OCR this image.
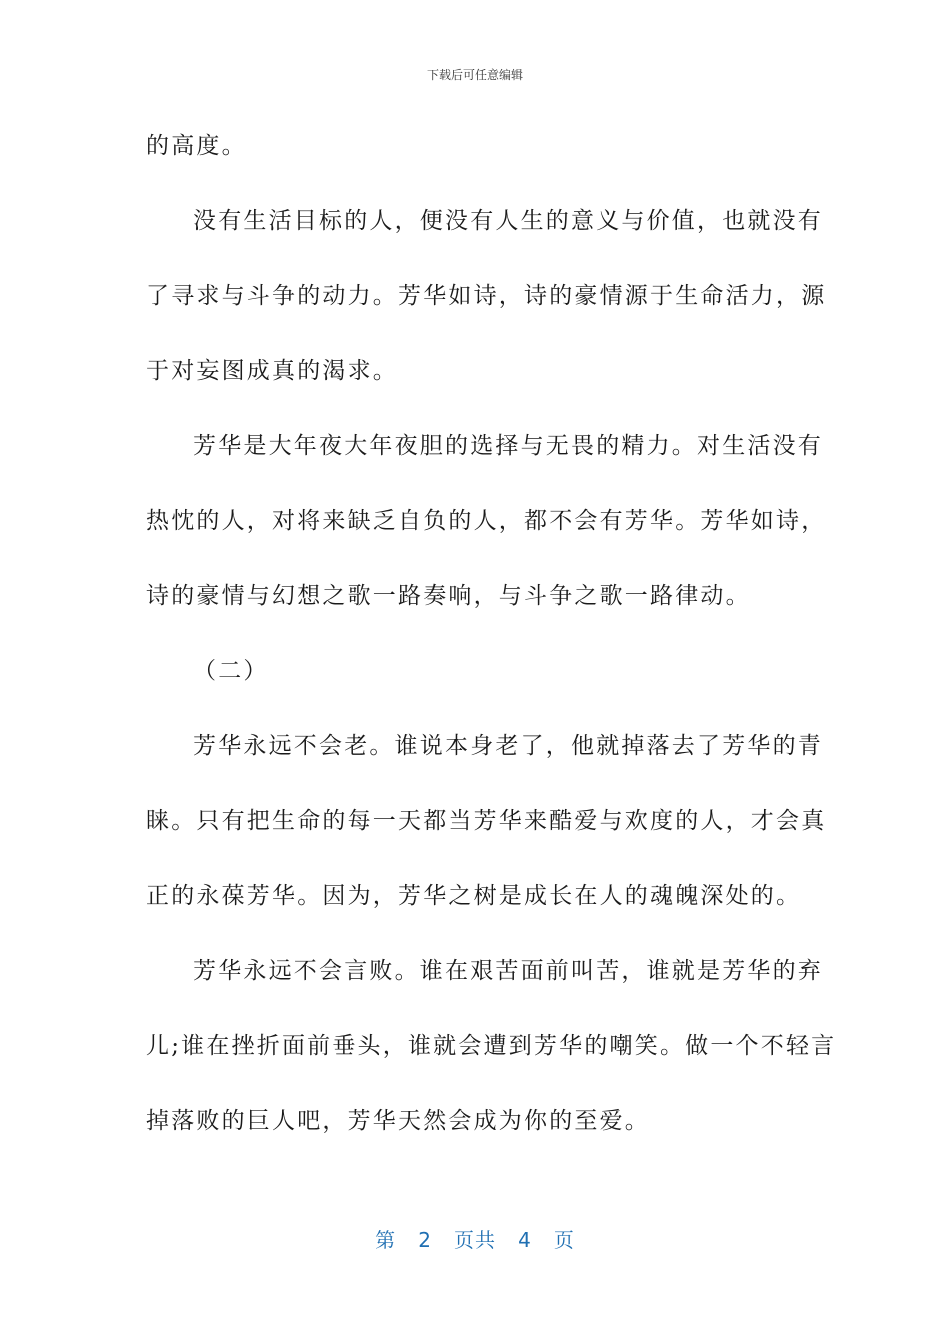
下载后可任意编辑
的高度。
没有生活目标的人，便没有人生的意义与价值，也就没有
了寻求与斗争的动力。芳华如诗，诗的豪情源于生命活力，源
于对妄图成真的渴求。
芳华是大年夜大年夜胆的选择与无畏的精力。对生活没有
热忱的人，对将来缺乏自负的人，都不会有芳华。芳华如诗，
诗的豪情与幻想之歌一路奏响，与斗争之歌一路律动。
（二）
芳华永远不会老。谁说本身老了，他就掉落去了芳华的青
睐。只有把生命的每一天都当芳华来酷爱与欢度的人，才会真
正的永葆芳华。因为，芳华之树是成长在人的魂魄深处的。
芳华永远不会言败。谁在艰苦面前叫苦，谁就是芳华的弃
儿;谁在挫折面前垂头，谁就会遭到芳华的嘲笑。做一个不轻言
掉落败的巨人吧，芳华天然会成为你的至爱。
第 2 页共 4 页
